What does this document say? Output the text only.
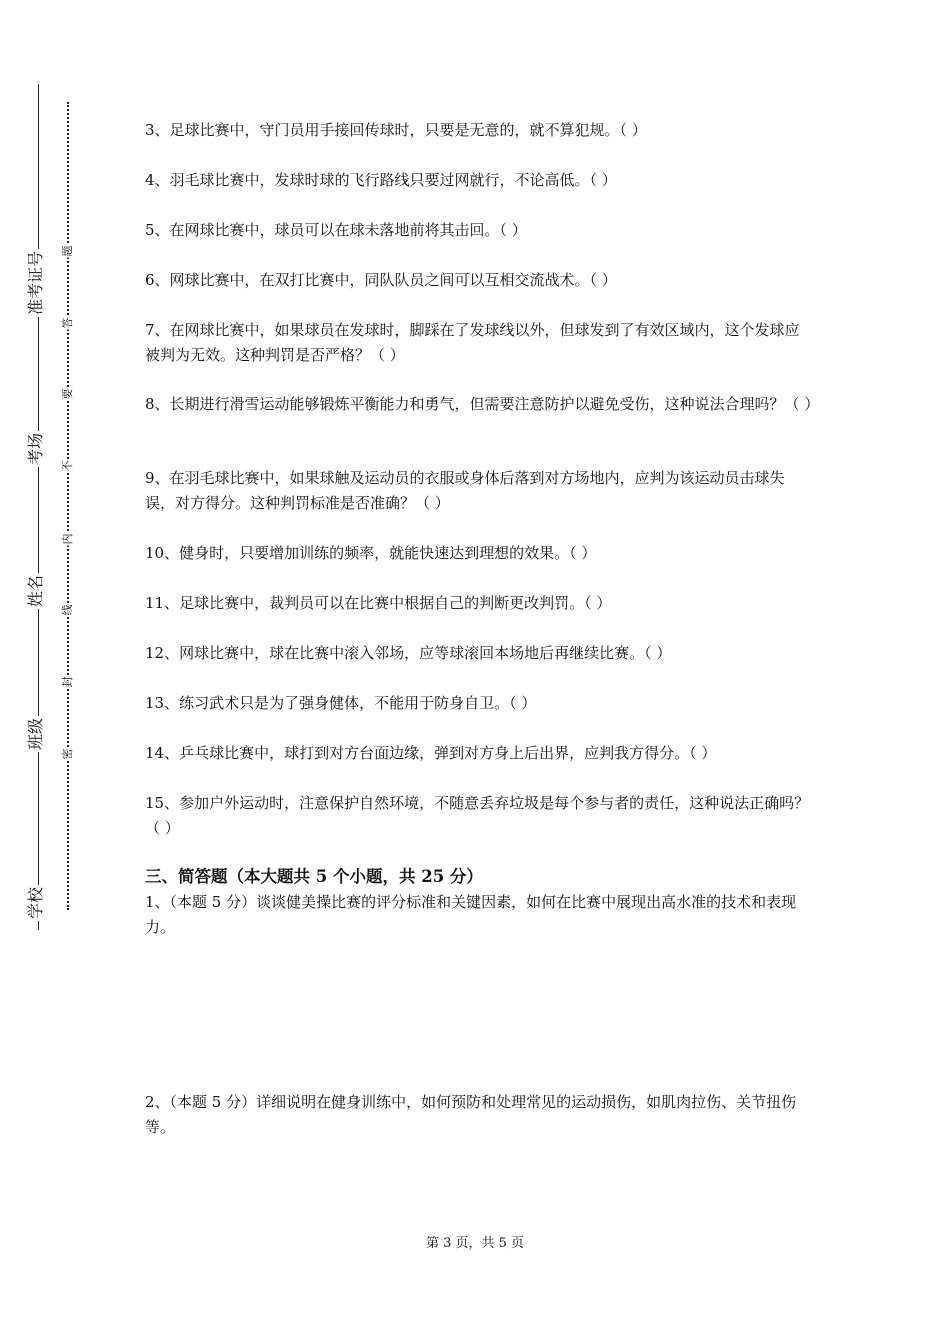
准考证号
考场
姓名
班级
学校
题
答
要
不
内
线
封
密

3、足球比赛中，守门员用手接回传球时，只要是无意的，就不算犯规。（ ）

4、羽毛球比赛中，发球时球的飞行路线只要过网就行，不论高低。（ ）

5、在网球比赛中，球员可以在球未落地前将其击回。（ ）

6、网球比赛中，在双打比赛中，同队队员之间可以互相交流战术。（ ）

7、在网球比赛中，如果球员在发球时，脚踩在了发球线以外，但球发到了有效区域内，这个发球应被判为无效。这种判罚是否严格？（ ）

8、长期进行滑雪运动能够锻炼平衡能力和勇气，但需要注意防护以避免受伤，这种说法合理吗？（ ）

9、在羽毛球比赛中，如果球触及运动员的衣服或身体后落到对方场地内，应判为该运动员击球失误，对方得分。这种判罚标准是否准确？（ ）

10、健身时，只要增加训练的频率，就能快速达到理想的效果。（ ）

11、足球比赛中，裁判员可以在比赛中根据自己的判断更改判罚。（ ）

12、网球比赛中，球在比赛中滚入邻场，应等球滚回本场地后再继续比赛。（ ）

13、练习武术只是为了强身健体，不能用于防身自卫。（ ）

14、乒乓球比赛中，球打到对方台面边缘，弹到对方身上后出界，应判我方得分。（ ）

15、参加户外运动时，注意保护自然环境，不随意丢弃垃圾是每个参与者的责任，这种说法正确吗？（ ）

三、简答题（本大题共 5 个小题，共 25 分）

1、（本题 5 分）谈谈健美操比赛的评分标准和关键因素，如何在比赛中展现出高水准的技术和表现力。

2、（本题 5 分）详细说明在健身训练中，如何预防和处理常见的运动损伤，如肌肉拉伤、关节扭伤等。

第 3 页，共 5 页
